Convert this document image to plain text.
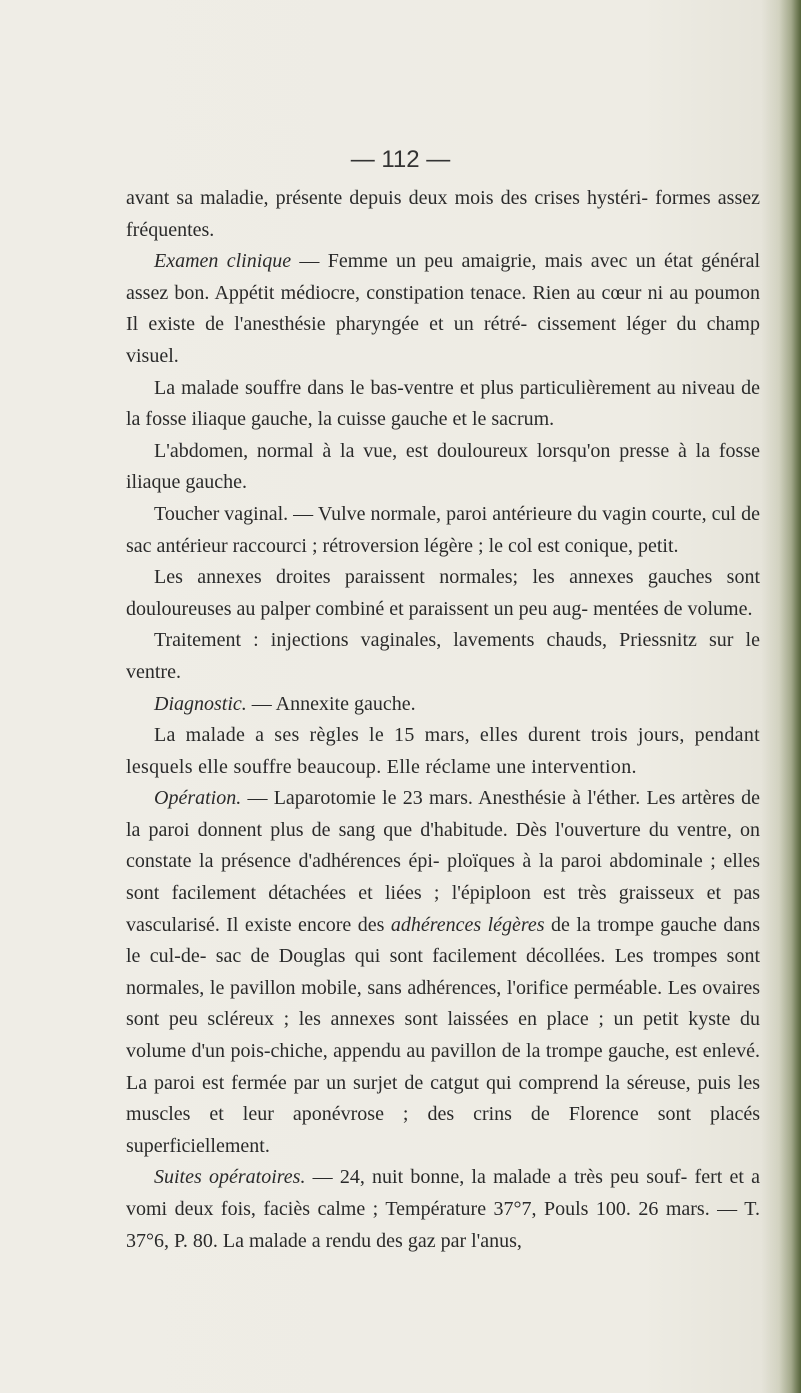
— 112 —

avant sa maladie, présente depuis deux mois des crises hystéri- formes assez fréquentes.

Examen clinique — Femme un peu amaigrie, mais avec un état général assez bon. Appétit médiocre, constipation tenace. Rien au cœur ni au poumon Il existe de l'anesthésie pharyngée et un rétré- cissement léger du champ visuel.

La malade souffre dans le bas-ventre et plus particulièrement au niveau de la fosse iliaque gauche, la cuisse gauche et le sacrum.

L'abdomen, normal à la vue, est douloureux lorsqu'on presse à la fosse iliaque gauche.

Toucher vaginal. — Vulve normale, paroi antérieure du vagin courte, cul de sac antérieur raccourci ; rétroversion légère ; le col est conique, petit.

Les annexes droites paraissent normales; les annexes gauches sont douloureuses au palper combiné et paraissent un peu aug- mentées de volume.

Traitement : injections vaginales, lavements chauds, Priessnitz sur le ventre.

Diagnostic. — Annexite gauche.

La malade a ses règles le 15 mars, elles durent trois jours, pendant lesquels elle souffre beaucoup. Elle réclame une intervention.

Opération. — Laparotomie le 23 mars. Anesthésie à l'éther. Les artères de la paroi donnent plus de sang que d'habitude. Dès l'ouverture du ventre, on constate la présence d'adhérences épi- ploïques à la paroi abdominale ; elles sont facilement détachées et liées ; l'épiploon est très graisseux et pas vascularisé. Il existe encore des adhérences légères de la trompe gauche dans le cul-de- sac de Douglas qui sont facilement décollées. Les trompes sont normales, le pavillon mobile, sans adhérences, l'orifice perméable. Les ovaires sont peu scléreux ; les annexes sont laissées en place ; un petit kyste du volume d'un pois-chiche, appendu au pavillon de la trompe gauche, est enlevé. La paroi est fermée par un surjet de catgut qui comprend la séreuse, puis les muscles et leur aponévrose ; des crins de Florence sont placés superficiellement.

Suites opératoires. — 24, nuit bonne, la malade a très peu souf- fert et a vomi deux fois, faciès calme ; Température 37°7, Pouls 100. 26 mars. — T. 37°6, P. 80. La malade a rendu des gaz par l'anus,
